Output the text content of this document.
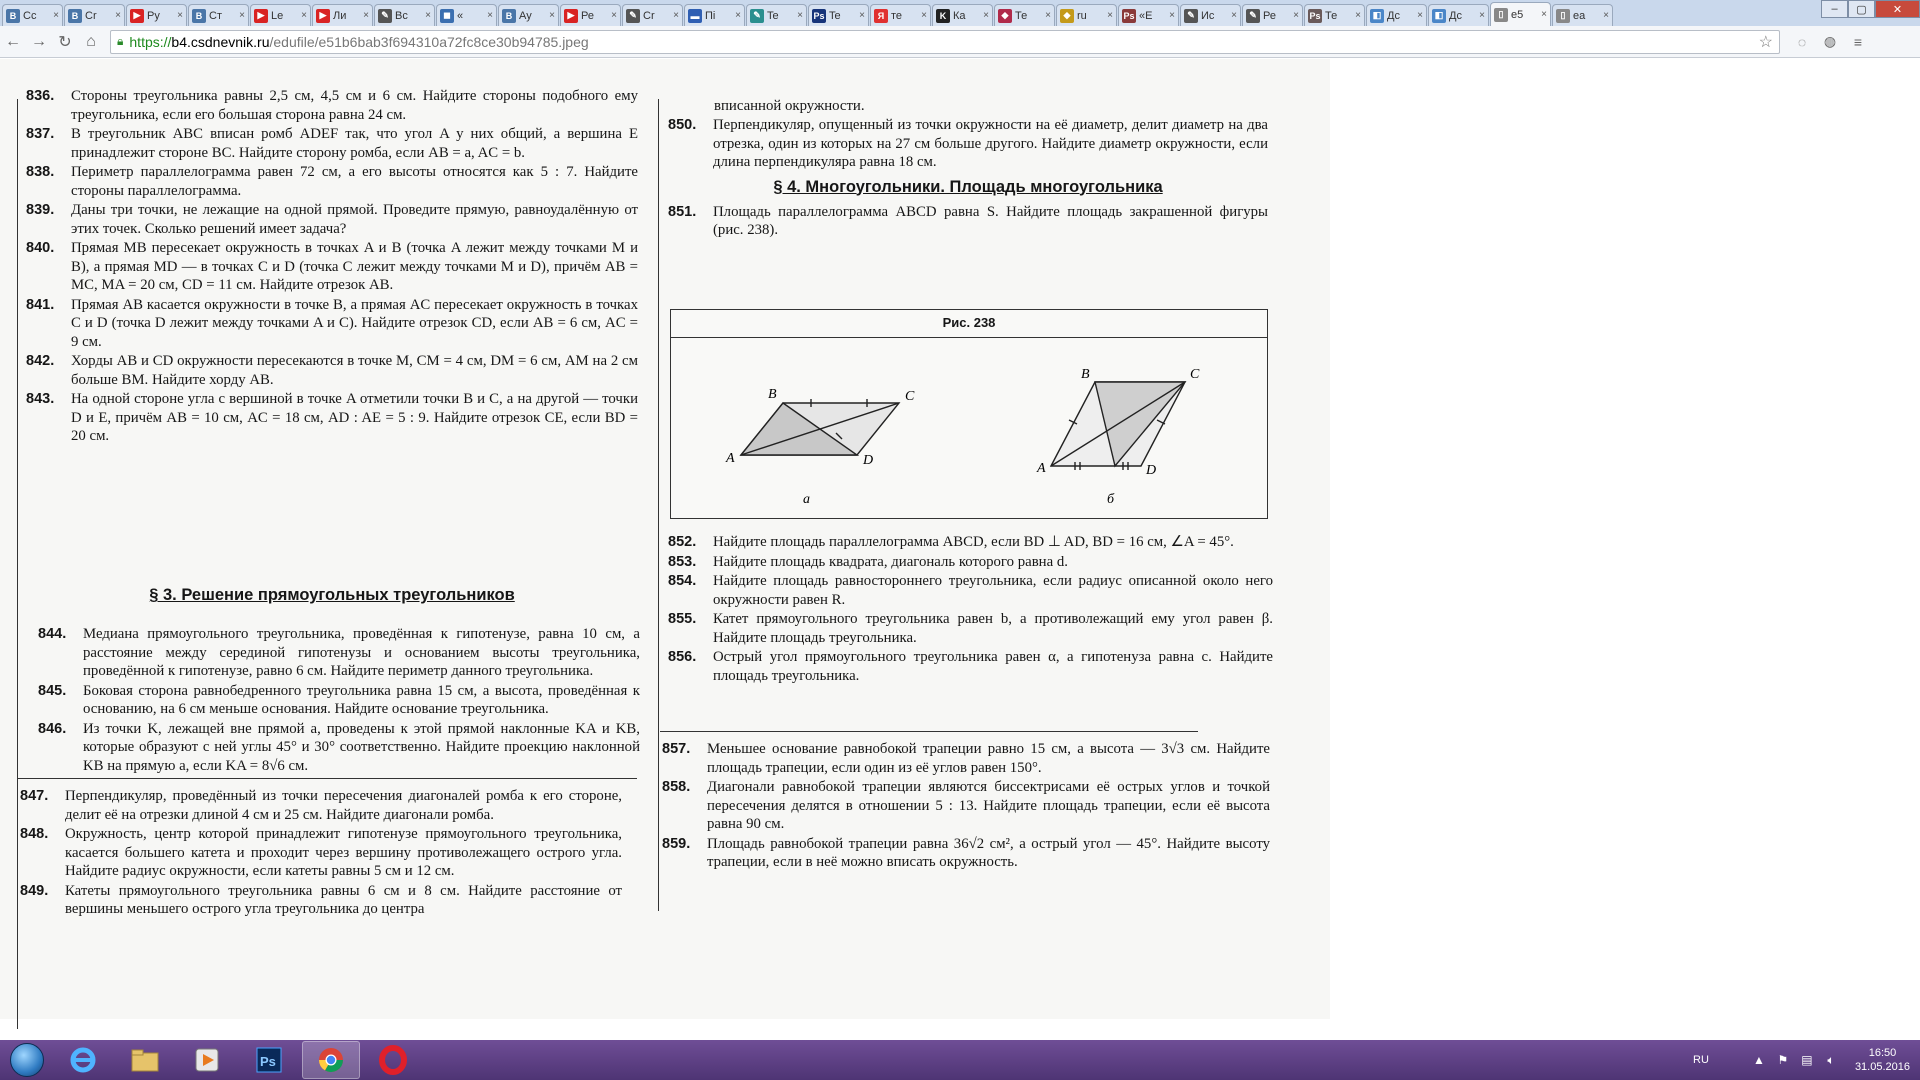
B Cc	×	B Cr	×	▶ Ру	×	B Ст	×	▶ Le	×	▶ Ли	×	✎ Вс	×	◼ «	×	B Ау	×	▶ Ре	×	✎ Cr	× ▬ Пі	×	✎ Te	× Ps Te	×	Я те	×	K Ка	×	◆ Те	×	◆ ru	× Ps «E	×	✎ Ис	×	✎ Ре	× Ps Те	×	◧ Дс	×	◧ Дс	×	▯ e5	×	▯ ea	×
–	▢	✕
← → ↻ ⌂ 🔒︎ https:// b4.csdnevnik.ru /edufile/e51b6bab3f694310a72fc8ce30b94785.jpeg	☆	◌	◍	≡
836.	Стороны треугольника равны 2,5 см, 4,5 см и 6 см. Найдите стороны подобного ему треугольника, если его большая сторона равна 24 см.
837.	В треугольник ABC вписан ромб ADEF так, что угол A у них общий, а вершина E принадлежит стороне BC. Найдите сторону ромба, если AB = a, AC = b.
838.	Периметр параллелограмма равен 72 см, а его высоты относятся как 5 : 7. Найдите стороны параллелограмма.
839.	Даны три точки, не лежащие на одной прямой. Проведите прямую, равноудалённую от этих точек. Сколько решений имеет задача?
840.	Прямая MB пересекает окружность в точках A и B (точка A лежит между точками M и B), а прямая MD — в точках C и D (точка C лежит между точками M и D), причём AB = MC, MA = 20 см, CD = 11 см. Найдите отрезок AB.
841.	Прямая AB касается окружности в точке B, а прямая AC пересекает окружность в точках C и D (точка D лежит между точками A и C). Найдите отрезок CD, если AB = 6 см, AC = 9 см.
842.	Хорды AB и CD окружности пересекаются в точке M, CM = 4 см, DM = 6 см, AM на 2 см больше BM. Найдите хорду AB.
843.	На одной стороне угла с вершиной в точке A отметили точки B и C, а на другой — точки D и E, причём AB = 10 см, AC = 18 см, AD : AE = 5 : 9. Найдите отрезок CE, если BD = 20 см.
§ 3. Решение прямоугольных треугольников
844.	Медиана прямоугольного треугольника, проведённая к гипотенузе, равна 10 см, а расстояние между серединой гипотенузы и основанием высоты треугольника, проведённой к гипотенузе, равно 6 см. Найдите периметр данного треугольника.
845.	Боковая сторона равнобедренного треугольника равна 15 см, а высота, проведённая к основанию, на 6 см меньше основания. Найдите основание треугольника.
846.	Из точки K, лежащей вне прямой a, проведены к этой прямой наклонные KA и KB, которые образуют с ней углы 45° и 30° соответственно. Найдите проекцию наклонной KB на прямую a, если KA = 8√6 см.
847.	Перпендикуляр, проведённый из точки пересечения диагоналей ромба к его стороне, делит её на отрезки длиной 4 см и 25 см. Найдите диагонали ромба.
848.	Окружность, центр которой принадлежит гипотенузе прямоугольного треугольника, касается большего катета и проходит через вершину противолежащего острого угла. Найдите радиус окружности, если катеты равны 5 см и 12 см.
849.	Катеты прямоугольного треугольника равны 6 см и 8 см. Найдите расстояние от вершины меньшего острого угла треугольника до центра
вписанной окружности.
850.	Перпендикуляр, опущенный из точки окружности на её диаметр, делит диаметр на два отрезка, один из которых на 27 см больше другого. Найдите диаметр окружности, если длина перпендикуляра равна 18 см.
§ 4. Многоугольники. Площадь многоугольника
851.	Площадь параллелограмма ABCD равна S. Найдите площадь закрашенной фигуры (рис. 238).
Рис. 238
A
B	C
D
а
A
B	C
D
б
852.	Найдите площадь параллелограмма ABCD, если BD ⊥ AD, BD = 16 см, ∠A = 45°.
853.	Найдите площадь квадрата, диагональ которого равна d.
854.	Найдите площадь равностороннего треугольника, если радиус описанной около него окружности равен R.
855.	Катет прямоугольного треугольника равен b, а противолежащий ему угол равен β. Найдите площадь треугольника.
856.	Острый угол прямоугольного треугольника равен α, а гипотенуза равна c. Найдите площадь треугольника.
857.	Меньшее основание равнобокой трапеции равно 15 см, а высота — 3√3 см. Найдите площадь трапеции, если один из её углов равен 150°.
858.	Диагонали равнобокой трапеции являются биссектрисами её острых углов и точкой пересечения делятся в отношении 5 : 13. Найдите площадь трапеции, если её высота равна 90 см.
859.	Площадь равнобокой трапеции равна 36√2 см², а острый угол — 45°. Найдите высоту трапеции, если в неё можно вписать окружность.
Ps	RU	▲	⚑	▤	🔈︎	16:50
31.05.2016
